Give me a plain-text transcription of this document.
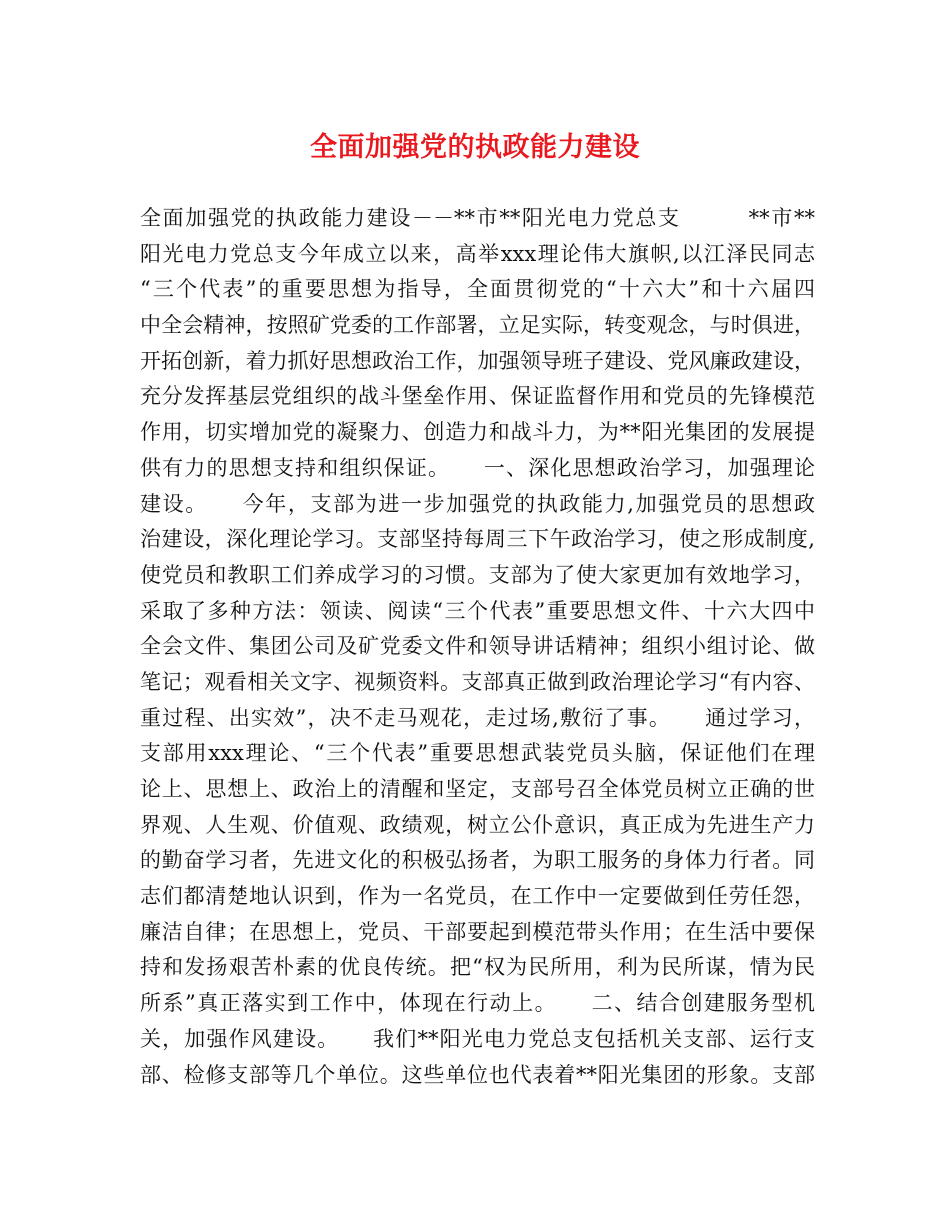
全面加强党的执政能力建设
全面加强党的执政能力建设－－**市**阳光电力党总支　　　**市**
阳光电力党总支今年成立以来，高举xxx理论伟大旗帜,以江泽民同志
“三个代表”的重要思想为指导，全面贯彻党的“十六大”和十六届四
中全会精神，按照矿党委的工作部署，立足实际，转变观念，与时俱进，
开拓创新，着力抓好思想政治工作，加强领导班子建设、党风廉政建设，
充分发挥基层党组织的战斗堡垒作用、保证监督作用和党员的先锋模范
作用，切实增加党的凝聚力、创造力和战斗力，为**阳光集团的发展提
供有力的思想支持和组织保证。　　一、深化思想政治学习，加强理论
建设。　　今年，支部为进一步加强党的执政能力,加强党员的思想政
治建设，深化理论学习。支部坚持每周三下午政治学习，使之形成制度,
使党员和教职工们养成学习的习惯。支部为了使大家更加有效地学习，
采取了多种方法：领读、阅读“三个代表”重要思想文件、十六大四中
全会文件、集团公司及矿党委文件和领导讲话精神；组织小组讨论、做
笔记；观看相关文字、视频资料。支部真正做到政治理论学习“有内容、
重过程、出实效”，决不走马观花，走过场,敷衍了事。　　通过学习，
支部用xxx理论、“三个代表”重要思想武装党员头脑，保证他们在理
论上、思想上、政治上的清醒和坚定，支部号召全体党员树立正确的世
界观、人生观、价值观、政绩观，树立公仆意识，真正成为先进生产力
的勤奋学习者，先进文化的积极弘扬者，为职工服务的身体力行者。同
志们都清楚地认识到，作为一名党员，在工作中一定要做到任劳任怨，
廉洁自律；在思想上，党员、干部要起到模范带头作用；在生活中要保
持和发扬艰苦朴素的优良传统。把“权为民所用，利为民所谋，情为民
所系”真正落实到工作中，体现在行动上。　　二、结合创建服务型机
关，加强作风建设。　　我们**阳光电力党总支包括机关支部、运行支
部、检修支部等几个单位。这些单位也代表着**阳光集团的形象。支部
